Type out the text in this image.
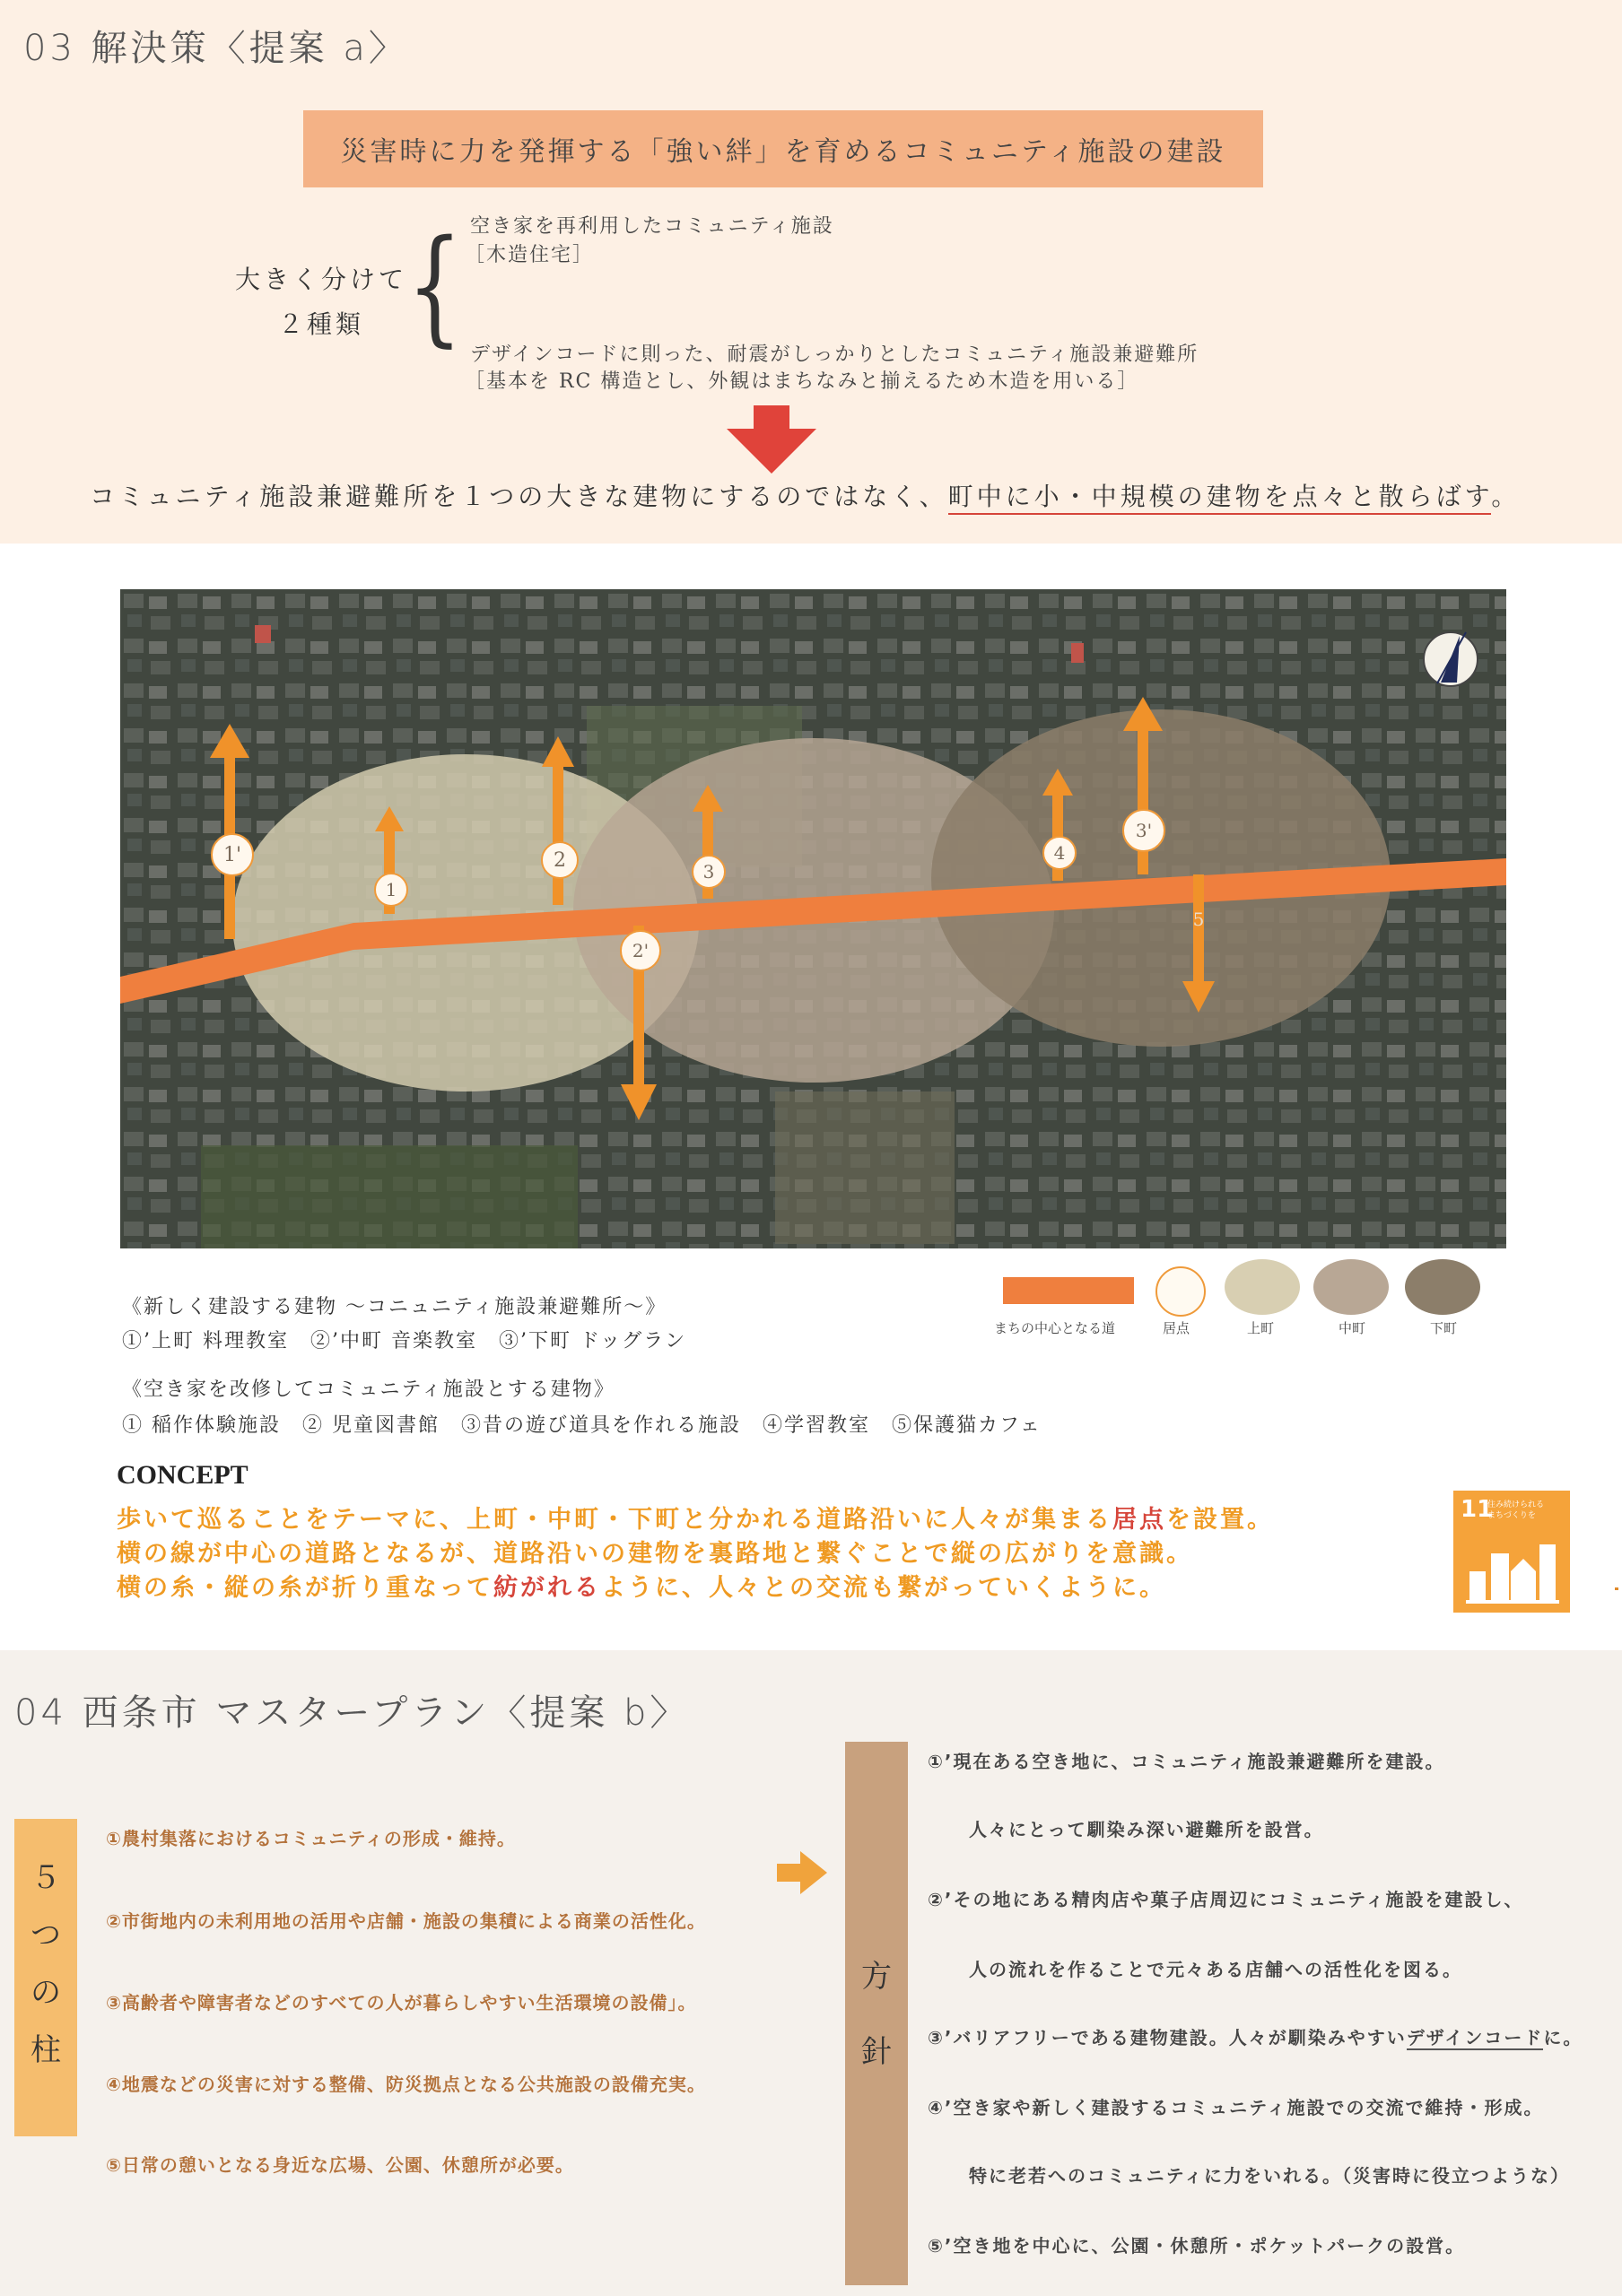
03 解決策〈提案 a〉
災害時に力を発揮する「強い絆」を育めるコミュニティ施設の建設
大きく分けて
２種類 { 空き家を再利用したコミュニティ施設
［木造住宅］
デザインコードに則った、耐震がしっかりとしたコミュニティ施設兼避難所
［基本を RC 構造とし、外観はまちなみと揃えるため木造を用いる］
コミュニティ施設兼避難所を１つの大きな建物にするのではなく、町中に小・中規模の建物を点々と散らばす。
1'
1
2
2'
3
4
3'
5
《新しく建設する建物 〜コニュニティ施設兼避難所〜》
①’上町 料理教室　②’中町 音楽教室　③’下町 ドッグラン
《空き家を改修してコミュニティ施設とする建物》
① 稲作体験施設　② 児童図書館　③昔の遊び道具を作れる施設　④学習教室　⑤保護猫カフェ
まちの中心となる道	居点	上町	中町	下町
CONCEPT
歩いて巡ることをテーマに、上町・中町・下町と分かれる道路沿いに人々が集まる居点を設置。
横の線が中心の道路となるが、道路沿いの建物を裏路地と繋ぐことで縦の広がりを意識。
横の糸・縦の糸が折り重なって紡がれるように、人々との交流も繋がっていくように。
11
住み続けられる
まちづくりを
04 西条市 マスタープラン〈提案 b〉
５
つ
の
柱
①農村集落におけるコミュニティの形成・維持。
②市街地内の未利用地の活用や店舗・施設の集積による商業の活性化。
③高齢者や障害者などのすべての人が暮らしやすい生活環境の設備」。
④地震などの災害に対する整備、防災拠点となる公共施設の設備充実。
⑤日常の憩いとなる身近な広場、公園、休憩所が必要。
方
針
①’現在ある空き地に、コミュニティ施設兼避難所を建設。
人々にとって馴染み深い避難所を設営。
②’その地にある精肉店や菓子店周辺にコミュニティ施設を建設し、
人の流れを作ることで元々ある店舗への活性化を図る。
③’バリアフリーである建物建設。人々が馴染みやすいデザインコードに。
④’空き家や新しく建設するコミュニティ施設での交流で維持・形成。
特に老若へのコミュニティに力をいれる。（災害時に役立つような）
⑤’空き地を中心に、公園・休憩所・ポケットパークの設営。
